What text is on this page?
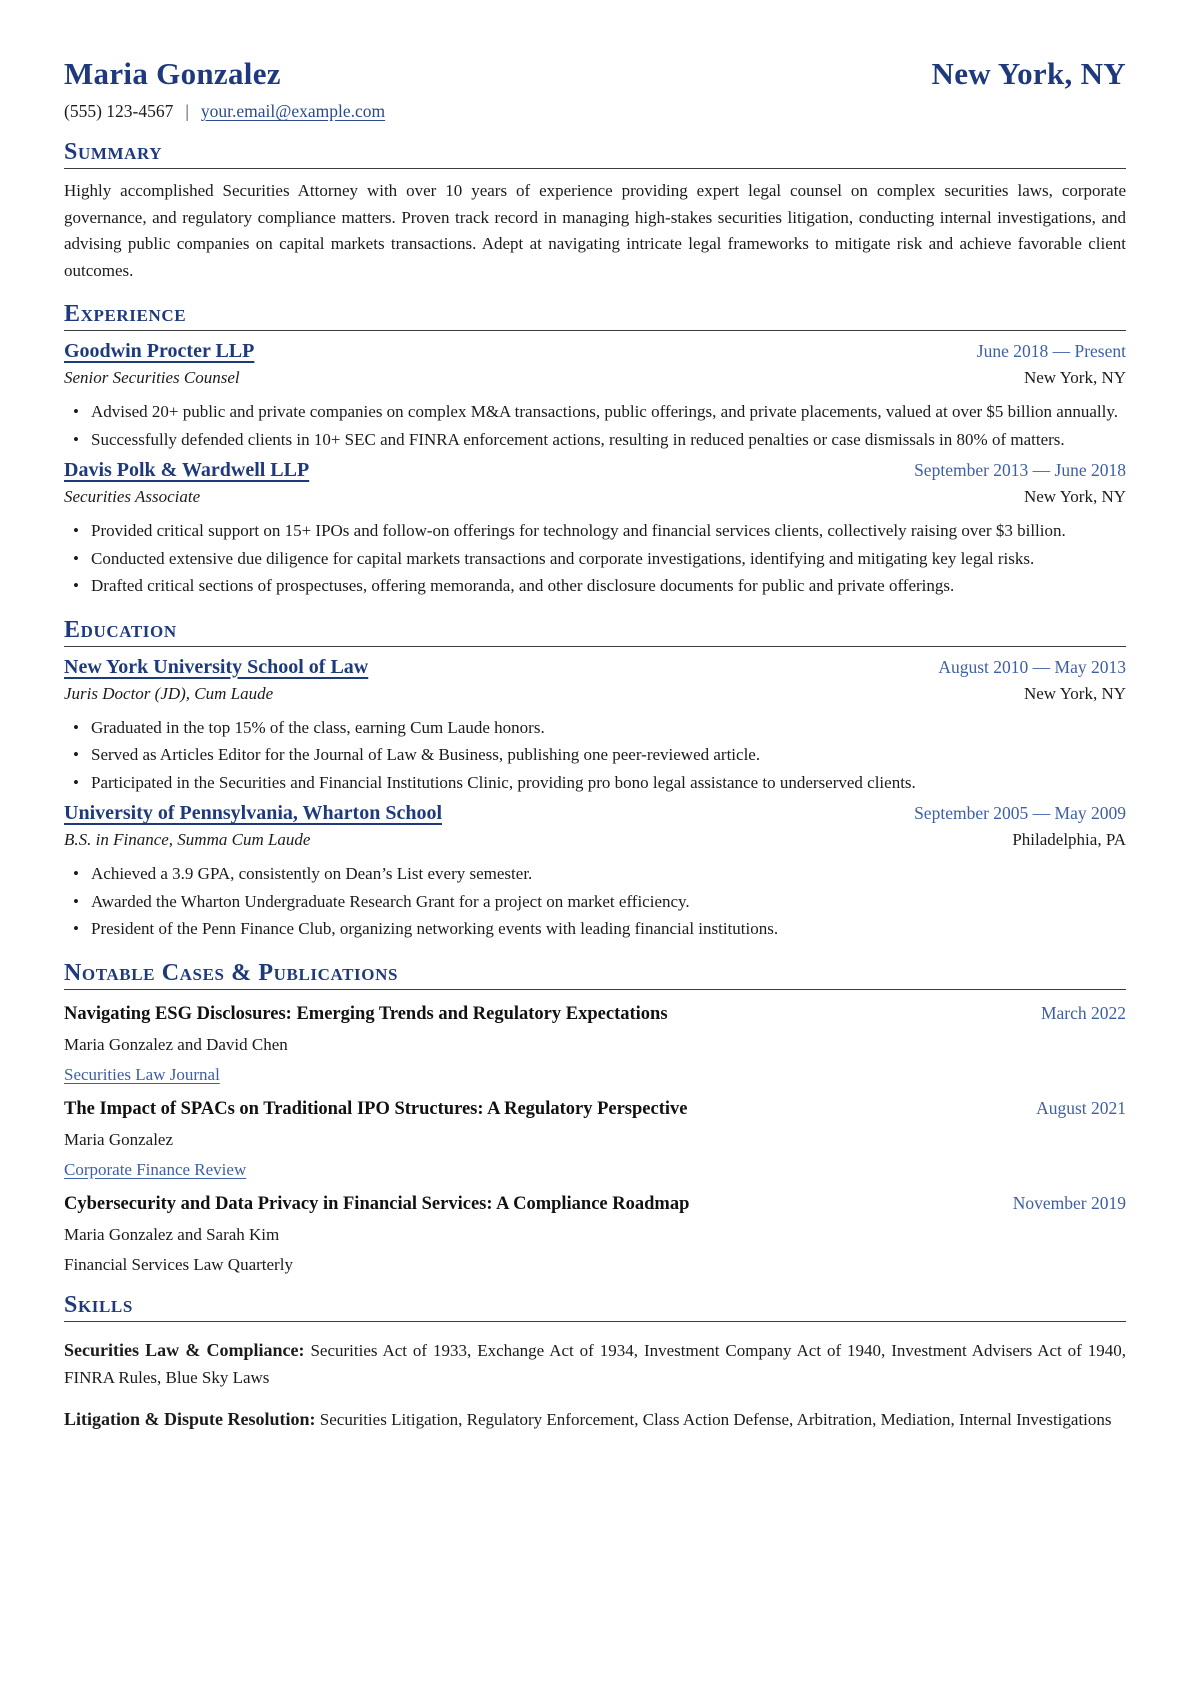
Maria Gonzalez	New York, NY
(555) 123-4567 | your.email@example.com
Summary

Highly accomplished Securities Attorney with over 10 years of experience providing expert legal counsel on complex securities laws, corporate governance, and regulatory compliance matters. Proven track record in managing high-stakes securities litigation, conducting internal investigations, and advising public companies on capital markets transactions. Adept at navigating intricate legal frameworks to mitigate risk and achieve favorable client outcomes.

Experience
Goodwin Procter LLP	June 2018 — Present
Senior Securities Counsel	New York, NY
• Advised 20+ public and private companies on complex M&A transactions, public offerings, and private placements, valued at over $5 billion annually.
• Successfully defended clients in 10+ SEC and FINRA enforcement actions, resulting in reduced penalties or case dismissals in 80% of matters.
Davis Polk & Wardwell LLP	September 2013 — June 2018
Securities Associate	New York, NY
• Provided critical support on 15+ IPOs and follow-on offerings for technology and financial services clients, collectively raising over $3 billion.
• Conducted extensive due diligence for capital markets transactions and corporate investigations, identifying and mitigating key legal risks.
• Drafted critical sections of prospectuses, offering memoranda, and other disclosure documents for public and private offerings.
Education
New York University School of Law	August 2010 — May 2013
Juris Doctor (JD), Cum Laude	New York, NY
• Graduated in the top 15% of the class, earning Cum Laude honors.
• Served as Articles Editor for the Journal of Law & Business, publishing one peer-reviewed article.
• Participated in the Securities and Financial Institutions Clinic, providing pro bono legal assistance to underserved clients.
University of Pennsylvania, Wharton School	September 2005 — May 2009
B.S. in Finance, Summa Cum Laude	Philadelphia, PA
• Achieved a 3.9 GPA, consistently on Dean’s List every semester.
• Awarded the Wharton Undergraduate Research Grant for a project on market efficiency.
• President of the Penn Finance Club, organizing networking events with leading financial institutions.
Notable Cases & Publications
Navigating ESG Disclosures: Emerging Trends and Regulatory Expectations	March 2022
Maria Gonzalez and David Chen
Securities Law Journal
The Impact of SPACs on Traditional IPO Structures: A Regulatory Perspective	August 2021
Maria Gonzalez
Corporate Finance Review
Cybersecurity and Data Privacy in Financial Services: A Compliance Roadmap	November 2019
Maria Gonzalez and Sarah Kim
Financial Services Law Quarterly
Skills

Securities Law & Compliance: Securities Act of 1933, Exchange Act of 1934, Investment Company Act of 1940, Investment Advisers Act of 1940, FINRA Rules, Blue Sky Laws

Litigation & Dispute Resolution: Securities Litigation, Regulatory Enforcement, Class Action Defense, Arbitration, Mediation, Internal Investigations
